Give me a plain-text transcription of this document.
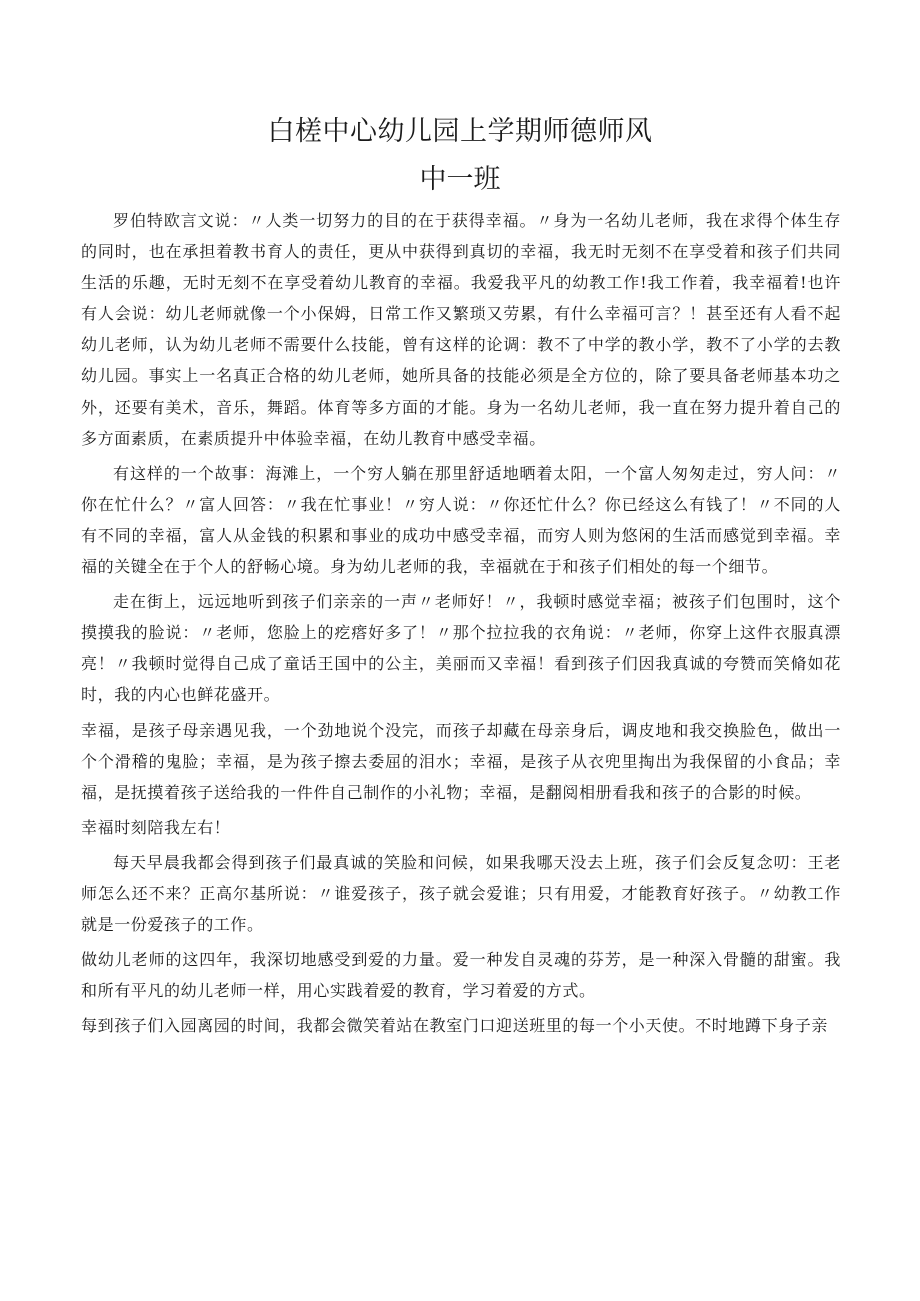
白槎中心幼儿园上学期师德师风
中一班

罗伯特欧言文说：〃人类一切努力的目的在于获得幸福。〃身为一名幼儿老师，我在求得个体生存的同时，也在承担着教书育人的责任，更从中获得到真切的幸福，我无时无刻不在享受着和孩子们共同生活的乐趣，无时无刻不在享受着幼儿教育的幸福。我爱我平凡的幼教工作!我工作着，我幸福着!也许有人会说：幼儿老师就像一个小保姆，日常工作又繁琐又劳累，有什么幸福可言？！甚至还有人看不起幼儿老师，认为幼儿老师不需要什么技能，曾有这样的论调：教不了中学的教小学，教不了小学的去教幼儿园。事实上一名真正合格的幼儿老师，她所具备的技能必须是全方位的，除了要具备老师基本功之外，还要有美术，音乐，舞蹈。体育等多方面的才能。身为一名幼儿老师，我一直在努力提升着自己的多方面素质，在素质提升中体验幸福，在幼儿教育中感受幸福。

有这样的一个故事：海滩上，一个穷人躺在那里舒适地晒着太阳，一个富人匆匆走过，穷人问：〃你在忙什么？〃富人回答：〃我在忙事业！〃穷人说：〃你还忙什么？你已经这么有钱了！〃不同的人有不同的幸福，富人从金钱的积累和事业的成功中感受幸福，而穷人则为悠闲的生活而感觉到幸福。幸福的关键全在于个人的舒畅心境。身为幼儿老师的我，幸福就在于和孩子们相处的每一个细节。

走在街上，远远地听到孩子们亲亲的一声〃老师好！〃，我顿时感觉幸福；被孩子们包围时，这个摸摸我的脸说：〃老师，您脸上的疙瘩好多了！〃那个拉拉我的衣角说：〃老师，你穿上这件衣服真漂亮！〃我顿时觉得自己成了童话王国中的公主，美丽而又幸福！看到孩子们因我真诚的夸赞而笑脩如花时，我的内心也鲜花盛开。

幸福，是孩子母亲遇见我，一个劲地说个没完，而孩子却藏在母亲身后，调皮地和我交换脸色，做出一个个滑稽的鬼脸；幸福，是为孩子擦去委屈的泪水；幸福，是孩子从衣兜里掏出为我保留的小食品；幸福，是抚摸着孩子送给我的一件件自己制作的小礼物；幸福，是翻阅相册看我和孩子的合影的时候。

幸福时刻陪我左右！

每天早晨我都会得到孩子们最真诚的笑脸和问候，如果我哪天没去上班，孩子们会反复念叨：王老师怎么还不来？正高尔基所说：〃谁爱孩子，孩子就会爱谁；只有用爱，才能教育好孩子。〃幼教工作就是一份爱孩子的工作。

做幼儿老师的这四年，我深切地感受到爱的力量。爱一种发自灵魂的芬芳，是一种深入骨髓的甜蜜。我和所有平凡的幼儿老师一样，用心实践着爱的教育，学习着爱的方式。

每到孩子们入园离园的时间，我都会微笑着站在教室门口迎送班里的每一个小天使。不时地蹲下身子亲
